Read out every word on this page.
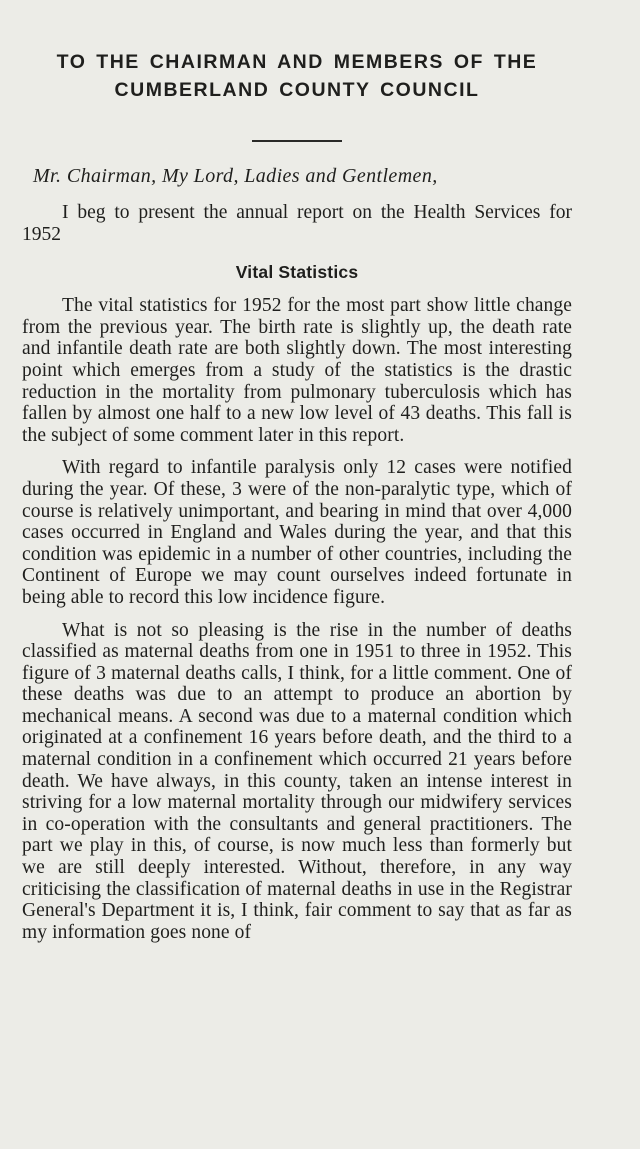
TO THE CHAIRMAN AND MEMBERS OF THE
CUMBERLAND COUNTY COUNCIL

Mr. Chairman, My Lord, Ladies and Gentlemen,

I beg to present the annual report on the Health Services for 1952

Vital Statistics

The vital statistics for 1952 for the most part show little change from the previous year. The birth rate is slightly up, the death rate and infantile death rate are both slightly down. The most interesting point which emerges from a study of the statistics is the drastic reduction in the mortality from pulmonary tuberculosis which has fallen by almost one half to a new low level of 43 deaths. This fall is the subject of some comment later in this report.

With regard to infantile paralysis only 12 cases were notified during the year. Of these, 3 were of the non-paralytic type, which of course is relatively unimportant, and bearing in mind that over 4,000 cases occurred in England and Wales during the year, and that this condition was epidemic in a number of other countries, including the Continent of Europe we may count ourselves indeed fortunate in being able to record this low incidence figure.

What is not so pleasing is the rise in the number of deaths classified as maternal deaths from one in 1951 to three in 1952. This figure of 3 maternal deaths calls, I think, for a little comment. One of these deaths was due to an attempt to produce an abortion by mechanical means. A second was due to a maternal condition which originated at a confinement 16 years before death, and the third to a maternal condition in a confinement which occurred 21 years before death. We have always, in this county, taken an intense interest in striving for a low maternal mortality through our midwifery services in co-operation with the consultants and general practitioners. The part we play in this, of course, is now much less than formerly but we are still deeply interested. Without, therefore, in any way criticising the classification of maternal deaths in use in the Registrar General's Department it is, I think, fair comment to say that as far as my information goes none of
